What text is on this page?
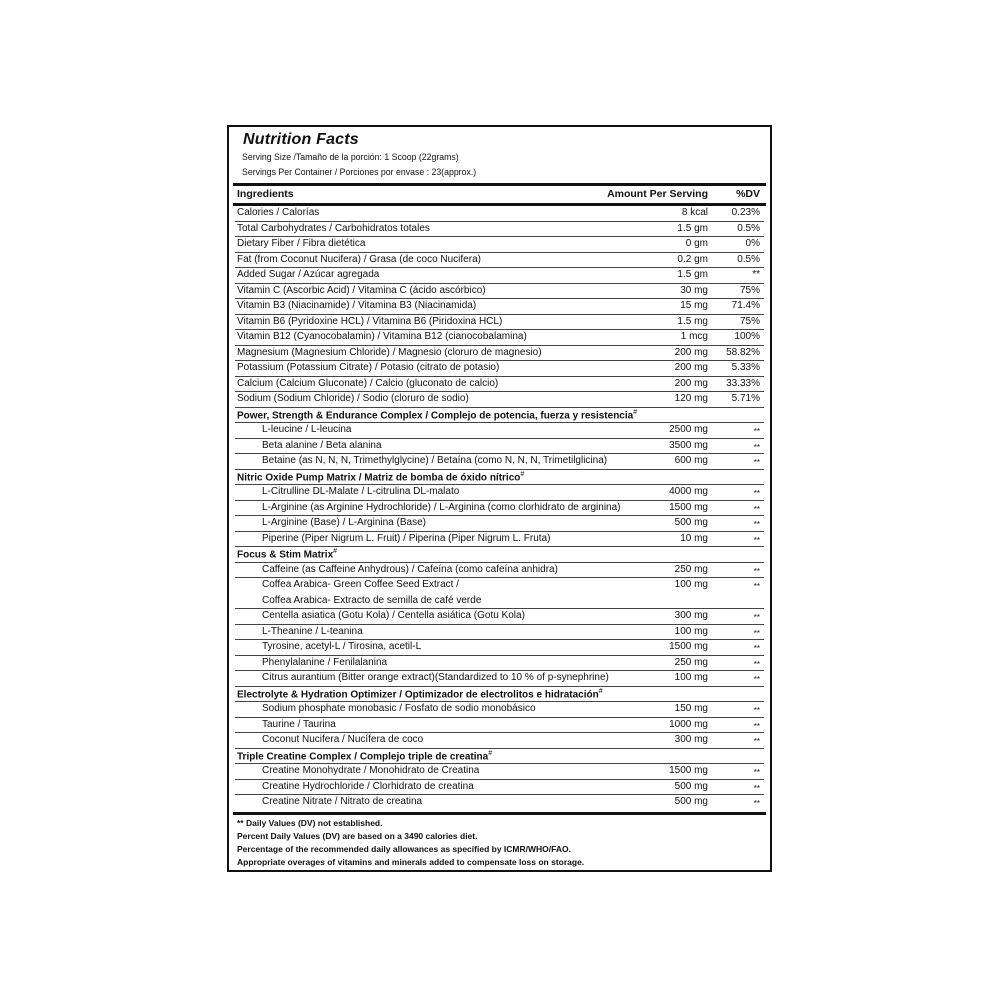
Nutrition Facts
Serving Size /Tamaño de la porción: 1 Scoop (22grams)
Servings Per Container / Porciones por envase : 23(approx.)
Ingredients	Amount Per Serving	%DV
Calories / Calorías	8 kcal 0.23%
Total Carbohydrates / Carbohidratos totales	1.5 gm	0.5%
Dietary Fiber / Fibra dietética	0 gm	0%
Fat (from Coconut Nucifera) / Grasa (de coco Nucifera)	0.2 gm	0.5%
Added Sugar / Azúcar agregada	1.5 gm	**
Vitamin C (Ascorbic Acid) / Vitamina C (ácido ascórbico)	30 mg	75%
Vitamin B3 (Niacinamide) / Vitamina B3 (Niacinamida)	15 mg 71.4%
Vitamin B6 (Pyridoxine HCL) / Vitamina B6 (Piridoxina HCL)	1.5 mg	75%
Vitamin B12 (Cyanocobalamin) / Vitamina B12 (cianocobalamina)	1 mcg	100%
Magnesium (Magnesium Chloride) / Magnesio (cloruro de magnesio)	200 mg 58.82%
Potassium (Potassium Citrate) / Potasio (citrato de potasio)	200 mg 5.33%
Calcium (Calcium Gluconate) / Calcio (gluconato de calcio)	200 mg 33.33%
Sodium (Sodium Chloride) / Sodio (cloruro de sodio)	120 mg 5.71%
Power, Strength & Endurance Complex / Complejo de potencia, fuerza y resistencia#
L-leucine / L-leucina	2500 mg	**
Beta alanine / Beta alanina	3500 mg	**
Betaine (as N, N, N, Trimethylglycine) / Betaína (como N, N, N, Trimetilglicina)	600 mg	**
Nitric Oxide Pump Matrix / Matriz de bomba de óxido nítrico#
L-Citrulline DL-Malate / L-citrulina DL-malato	4000 mg	**
L-Arginine (as Arginine Hydrochloride) / L-Arginina (como clorhidrato de arginina)	1500 mg	**
L-Arginine (Base) / L-Arginina (Base)	500 mg	**
Piperine (Piper Nigrum L. Fruit) / Piperina (Piper Nigrum L. Fruta)	10 mg	**
Focus & Stim Matrix#
Caffeine (as Caffeine Anhydrous) / Cafeína (como cafeína anhidra)	250 mg	**
Coffea Arabica- Green Coffee Seed Extract /	100 mg	**
Coffea Arabica- Extracto de semilla de café verde
Centella asiatica (Gotu Kola) / Centella asiática (Gotu Kola)	300 mg	**
L-Theanine / L-teanina	100 mg	**
Tyrosine, acetyl-L / Tirosina, acetil-L	1500 mg	**
Phenylalanine / Fenilalanina	250 mg	**
Citrus aurantium (Bitter orange extract)(Standardized to 10 % of p-synephrine)	100 mg	**
Electrolyte & Hydration Optimizer / Optimizador de electrolitos e hidratación#
Sodium phosphate monobasic / Fosfato de sodio monobásico	150 mg	**
Taurine / Taurina	1000 mg	**
Coconut Nucifera / Nucífera de coco	300 mg	**
Triple Creatine Complex / Complejo triple de creatina#
Creatine Monohydrate / Monohidrato de Creatina	1500 mg	**
Creatine Hydrochloride / Clorhidrato de creatina	500 mg	**
Creatine Nitrate / Nitrato de creatina	500 mg	**
** Daily Values (DV) not established.
Percent Daily Values (DV) are based on a 3490 calories diet.
Percentage of the recommended daily allowances as specified by ICMR/WHO/FAO.
Appropriate overages of vitamins and minerals added to compensate loss on storage.
